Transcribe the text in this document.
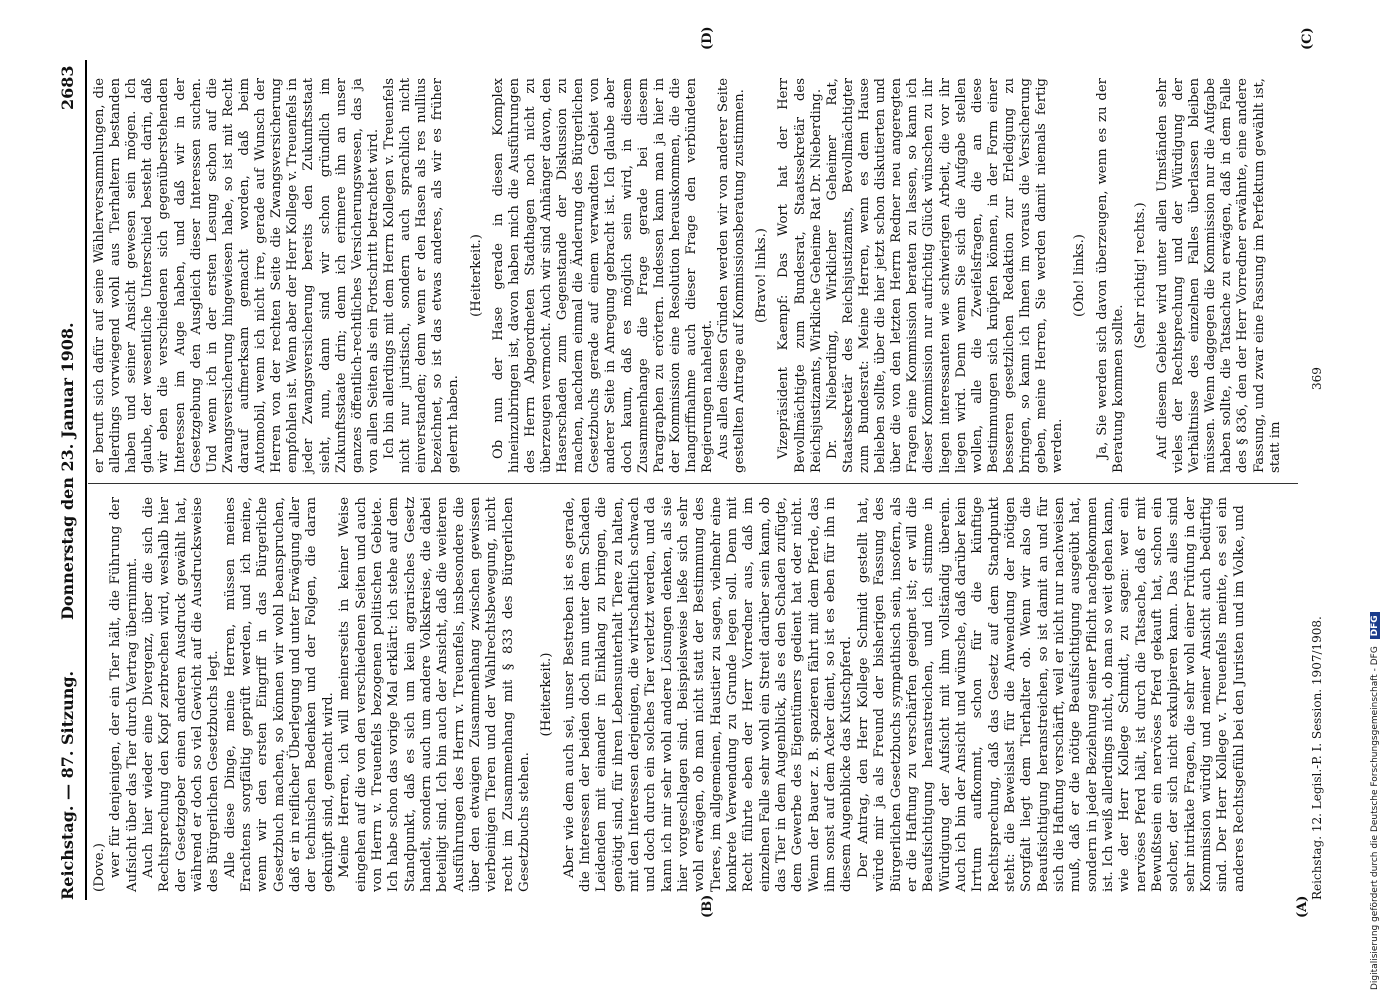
Reichstag. — 87. Sitzung.
Donnerstag den 23. Januar 1908.
2683
(A)
(B)
(C)
(D)

(Dove.) wer für denjenigen, der ein Tier hält, die Führung der Aufsicht über das Tier durch Vertrag übernimmt. Auch hier wieder eine Divergenz, über die sich die Rechtsprechung den Kopf zerbrechen wird, weshalb hier der Gesetzgeber einen anderen Ausdruck gewählt hat, während er doch so viel Gewicht auf die Ausdrucksweise des Bürgerlichen Gesetzbuchs legt. Alle diese Dinge, meine Herren, müssen meines Erachtens sorgfältig geprüft werden, und ich meine, wenn wir den ersten Eingriff in das Bürgerliche Gesetzbuch machen, so können wir wohl beanspruchen, daß er in reiflicher Überlegung und unter Erwägung aller der technischen Bedenken und der Folgen, die daran geknüpft sind, gemacht wird. Meine Herren, ich will meinerseits in keiner Weise eingehen auf die von den verschiedenen Seiten und auch von Herrn v. Treuenfels bezogenen politischen Gebiete. Ich habe schon das vorige Mal erklärt: ich stehe auf dem Standpunkt, daß es sich um kein agrarisches Gesetz handelt, sondern auch um andere Volkskreise, die dabei beteiligt sind. Ich bin auch der Ansicht, daß die weiteren Ausführungen des Herrn v. Treuenfels, insbesondere die über den etwaigen Zusammenhang zwischen gewissen vierbeinigen Tieren und der Wahlrechtsbewegung, nicht recht im Zusammenhang mit § 833 des Bürgerlichen Gesetzbuchs stehen.

(Heiterkeit.) Aber wie dem auch sei, unser Bestreben ist es gerade, die Interessen der beiden doch nun unter dem Schaden Leidenden mit einander in Einklang zu bringen, die genötigt sind, für ihren Lebensunterhalt Tiere zu halten, mit den Interessen derjenigen, die wirtschaftlich schwach und doch durch ein solches Tier verletzt werden, und da kann ich mir sehr wohl andere Lösungen denken, als sie hier vorgeschlagen sind. Beispielsweise ließe sich sehr wohl erwägen, ob man nicht statt der Bestimmung des Tieres, im allgemeinen, Haustier zu sagen, vielmehr eine konkrete Verwendung zu Grunde legen soll. Denn mit Recht führte eben der Herr Vorredner aus, daß im einzelnen Falle sehr wohl ein Streit darüber sein kann, ob das Tier in dem Augenblick, als es den Schaden zufügte, dem Gewerbe des Eigentümers gedient hat oder nicht. Wenn der Bauer z. B. spazieren fährt mit dem Pferde, das ihm sonst auf dem Acker dient, so ist es eben für ihn in diesem Augenblicke das Kutschpferd. Der Antrag, den Herr Kollege Schmidt gestellt hat, würde mir ja als Freund der bisherigen Fassung des Bürgerlichen Gesetzbuchs sympathisch sein, insofern, als er die Haftung zu verschärfen geeignet ist; er will die Beaufsichtigung heranstreichen, und ich stimme in Würdigung der Aufsicht mit ihm vollständig überein. Auch ich bin der Ansicht und wünsche, daß darüber kein Irrtum aufkommt, schon für die künftige Rechtsprechung, daß das Gesetz auf dem Standpunkt steht: die Beweislast für die Anwendung der nötigen Sorgfalt liegt dem Tierhalter ob. Wenn wir also die Beaufsichtigung heranstreichen, so ist damit an und für sich die Haftung verschärft, weil er nicht nur nachweisen muß, daß er die nötige Beaufsichtigung ausgeübt hat, sondern in jeder Beziehung seiner Pflicht nachgekommen ist. Ich weiß allerdings nicht, ob man so weit gehen kann, wie der Herr Kollege Schmidt, zu sagen: wer ein nervöses Pferd hält, ist durch die Tatsache, daß er mit Bewußtsein ein nervöses Pferd gekauft hat, schon ein solcher, der sich nicht exkulpieren kann. Das alles sind sehr intrikate Fragen, die sehr wohl einer Prüfung in der Kommission würdig und meiner Ansicht auch bedürftig sind. Der Herr Kollege v. Treuenfels meinte, es sei ein anderes Rechtsgefühl bei den Juristen und im Volke, und

er beruft sich dafür auf seine Wählerversammlungen, die allerdings vorwiegend wohl aus Tierhaltern bestanden haben und seiner Ansicht gewesen sein mögen. Ich glaube, der wesentliche Unterschied besteht darin, daß wir eben die verschiedenen sich gegenüberstehenden Interessen im Auge haben, und daß wir in der Gesetzgebung den Ausgleich dieser Interessen suchen. Und wenn ich in der ersten Lesung schon auf die Zwangsversicherung hingewiesen habe, so ist mit Recht darauf aufmerksam gemacht worden, daß beim Automobil, wenn ich nicht irre, gerade auf Wunsch der Herren von der rechten Seite die Zwangsversicherung empfohlen ist. Wenn aber der Herr Kollege v. Treuenfels in jeder Zwangsversicherung bereits den Zukunftsstaat sieht, nun, dann sind wir schon gründlich im Zukunftsstaate drin; denn ich erinnere ihn an unser ganzes öffentlich-rechtliches Versicherungswesen, das ja von allen Seiten als ein Fortschritt betrachtet wird. Ich bin allerdings mit dem Herrn Kollegen v. Treuenfels nicht nur juristisch, sondern auch sprachlich nicht einverstanden; denn wenn er den Hasen als res nullius bezeichnet, so ist das etwas anderes, als wir es früher gelernt haben.

(Heiterkeit.) Ob nun der Hase gerade in diesen Komplex hineinzubringen ist, davon haben mich die Ausführungen des Herrn Abgeordneten Stadthagen noch nicht zu überzeugen vermocht. Auch wir sind Anhänger davon, den Haserschaden zum Gegenstande der Diskussion zu machen, nachdem einmal die Änderung des Bürgerlichen Gesetzbuchs gerade auf einem verwandten Gebiet von anderer Seite in Anregung gebracht ist. Ich glaube aber doch kaum, daß es möglich sein wird, in diesem Zusammenhange die Frage gerade bei diesem Paragraphen zu erörtern. Indessen kann man ja hier in der Kommission eine Resolution herauskommen, die die Inangriffnahme auch dieser Frage den verbündeten Regierungen nahelegt. Aus allen diesen Gründen werden wir von anderer Seite gestellten Antrage auf Kommissionsberatung zustimmen. (Bravo! links.) Vizepräsident Kaempf: Das Wort hat der Herr Bevollmächtigte zum Bundesrat, Staatssekretär des Reichsjustizamts, Wirkliche Geheime Rat Dr. Nieberding. Dr. Nieberding, Wirklicher Geheimer Rat, Staatssekretär des Reichsjustizamts, Bevollmächtigter zum Bundesrat: Meine Herren, wenn es dem Hause belieben sollte, über die hier jetzt schon diskutierten und über die von den letzten Herrn Redner neu angeregten Fragen eine Kommission beraten zu lassen, so kann ich dieser Kommission nur aufrichtig Glück wünschen zu ihr liegen interessanten wie schwierigen Arbeit, die vor ihr liegen wird. Denn wenn Sie sich die Aufgabe stellen wollen, alle die Zweifelsfragen, die an diese Bestimmungen sich knüpfen können, in der Form einer besseren gesetzlichen Redaktion zur Erledigung zu bringen, so kann ich Ihnen im voraus die Versicherung geben, meine Herren, Sie werden damit niemals fertig werden.

(Oho! links.) Ja, Sie werden sich davon überzeugen, wenn es zu der Beratung kommen sollte.

(Sehr richtig! rechts.) Auf diesem Gebiete wird unter allen Umständen sehr vieles der Rechtsprechung und der Würdigung der Verhältnisse des einzelnen Falles überlassen bleiben müssen. Wenn daggegen die Kommission nur die Aufgabe haben sollte, die Tatsache zu erwägen, daß in dem Falle des § 836, den der Herr Vorredner erwähnte, eine andere Fassung, und zwar eine Fassung im Perfektum gewählt ist, statt im

Reichstag. 12. Legisl.-P. I. Session. 1907/1908.
369
Digitalisierung gefördert durch die Deutsche Forschungsgemeinschaft - DFG DFG
